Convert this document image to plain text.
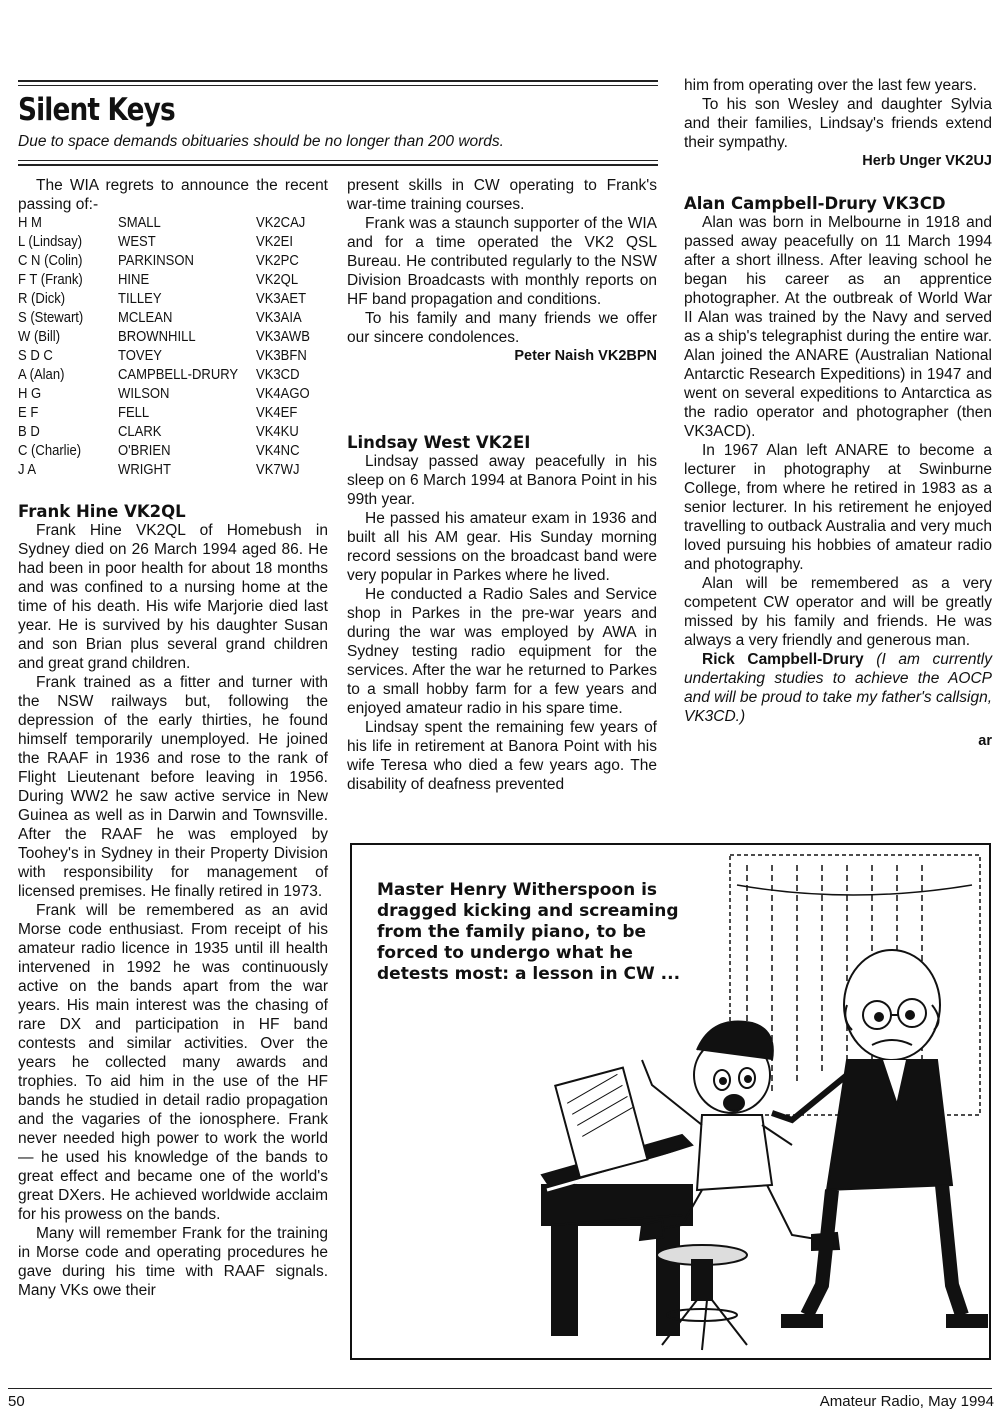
Silent Keys
Due to space demands obituaries should be no longer than 200 words.

The WIA regrets to announce the recent passing of:-

H M	SMALL	VK2CAJ
L (Lindsay)	WEST	VK2EI
C N (Colin)	PARKINSON	VK2PC
F T (Frank)	HINE	VK2QL
R (Dick)	TILLEY	VK3AET
S (Stewart)	MCLEAN	VK3AIA
W (Bill)	BROWNHILL	VK3AWB
S D C	TOVEY	VK3BFN
A (Alan)	CAMPBELL-DRURY VK3CD
H G	WILSON	VK4AGO
E F	FELL	VK4EF
B D	CLARK	VK4KU
C (Charlie)	O'BRIEN	VK4NC
J A	WRIGHT	VK7WJ
Frank Hine VK2QL

Frank Hine VK2QL of Homebush in Sydney died on 26 March 1994 aged 86. He had been in poor health for about 18 months and was confined to a nursing home at the time of his death. His wife Marjorie died last year. He is survived by his daughter Susan and son Brian plus several grand children and great grand children.

Frank trained as a fitter and turner with the NSW railways but, following the depression of the early thirties, he found himself temporarily unemployed. He joined the RAAF in 1936 and rose to the rank of Flight Lieutenant before leaving in 1956. During WW2 he saw active service in New Guinea as well as in Darwin and Townsville. After the RAAF he was employed by Toohey's in Sydney in their Property Division with responsibility for management of licensed premises. He finally retired in 1973.

Frank will be remembered as an avid Morse code enthusiast. From receipt of his amateur radio licence in 1935 until ill health intervened in 1992 he was continuously active on the bands apart from the war years. His main interest was the chasing of rare DX and participation in HF band contests and similar activities. Over the years he collected many awards and trophies. To aid him in the use of the HF bands he studied in detail radio propagation and the vagaries of the ionosphere. Frank never needed high power to work the world — he used his knowledge of the bands to great effect and became one of the world's great DXers. He achieved worldwide acclaim for his prowess on the bands.

Many will remember Frank for the training in Morse code and operating procedures he gave during his time with RAAF signals. Many VKs owe their

present skills in CW operating to Frank's war-time training courses.

Frank was a staunch supporter of the WIA and for a time operated the VK2 QSL Bureau. He contributed regularly to the NSW Division Broadcasts with monthly reports on HF band propagation and conditions.

To his family and many friends we offer our sincere condolences.

Peter Naish VK2BPN
Lindsay West VK2EI

Lindsay passed away peacefully in his sleep on 6 March 1994 at Banora Point in his 99th year.

He passed his amateur exam in 1936 and built all his AM gear. His Sunday morning record sessions on the broadcast band were very popular in Parkes where he lived.

He conducted a Radio Sales and Service shop in Parkes in the pre-war years and during the war was employed by AWA in Sydney testing radio equipment for the services. After the war he returned to Parkes to a small hobby farm for a few years and enjoyed amateur radio in his spare time.

Lindsay spent the remaining few years of his life in retirement at Banora Point with his wife Teresa who died a few years ago. The disability of deafness prevented

him from operating over the last few years.

To his son Wesley and daughter Sylvia and their families, Lindsay's friends extend their sympathy.

Herb Unger VK2UJ
Alan Campbell-Drury VK3CD

Alan was born in Melbourne in 1918 and passed away peacefully on 11 March 1994 after a short illness. After leaving school he began his career as an apprentice photographer. At the outbreak of World War II Alan was trained by the Navy and served as a ship's telegraphist during the entire war. Alan joined the ANARE (Australian National Antarctic Research Expeditions) in 1947 and went on several expeditions to Antarctica as the radio operator and photographer (then VK3ACD).

In 1967 Alan left ANARE to become a lecturer in photography at Swinburne College, from where he retired in 1983 as a senior lecturer. In his retirement he enjoyed travelling to outback Australia and very much loved pursuing his hobbies of amateur radio and photography.

Alan will be remembered as a very competent CW operator and will be greatly missed by his family and friends. He was always a very friendly and generous man.

Rick Campbell-Drury (I am currently undertaking studies to achieve the AOCP and will be proud to take my father's callsign, VK3CD.)

ar
Master Henry Witherspoon is dragged kicking and screaming from the family piano, to be forced to undergo what he detests most: a lesson in CW ...
50	Amateur Radio, May 1994
